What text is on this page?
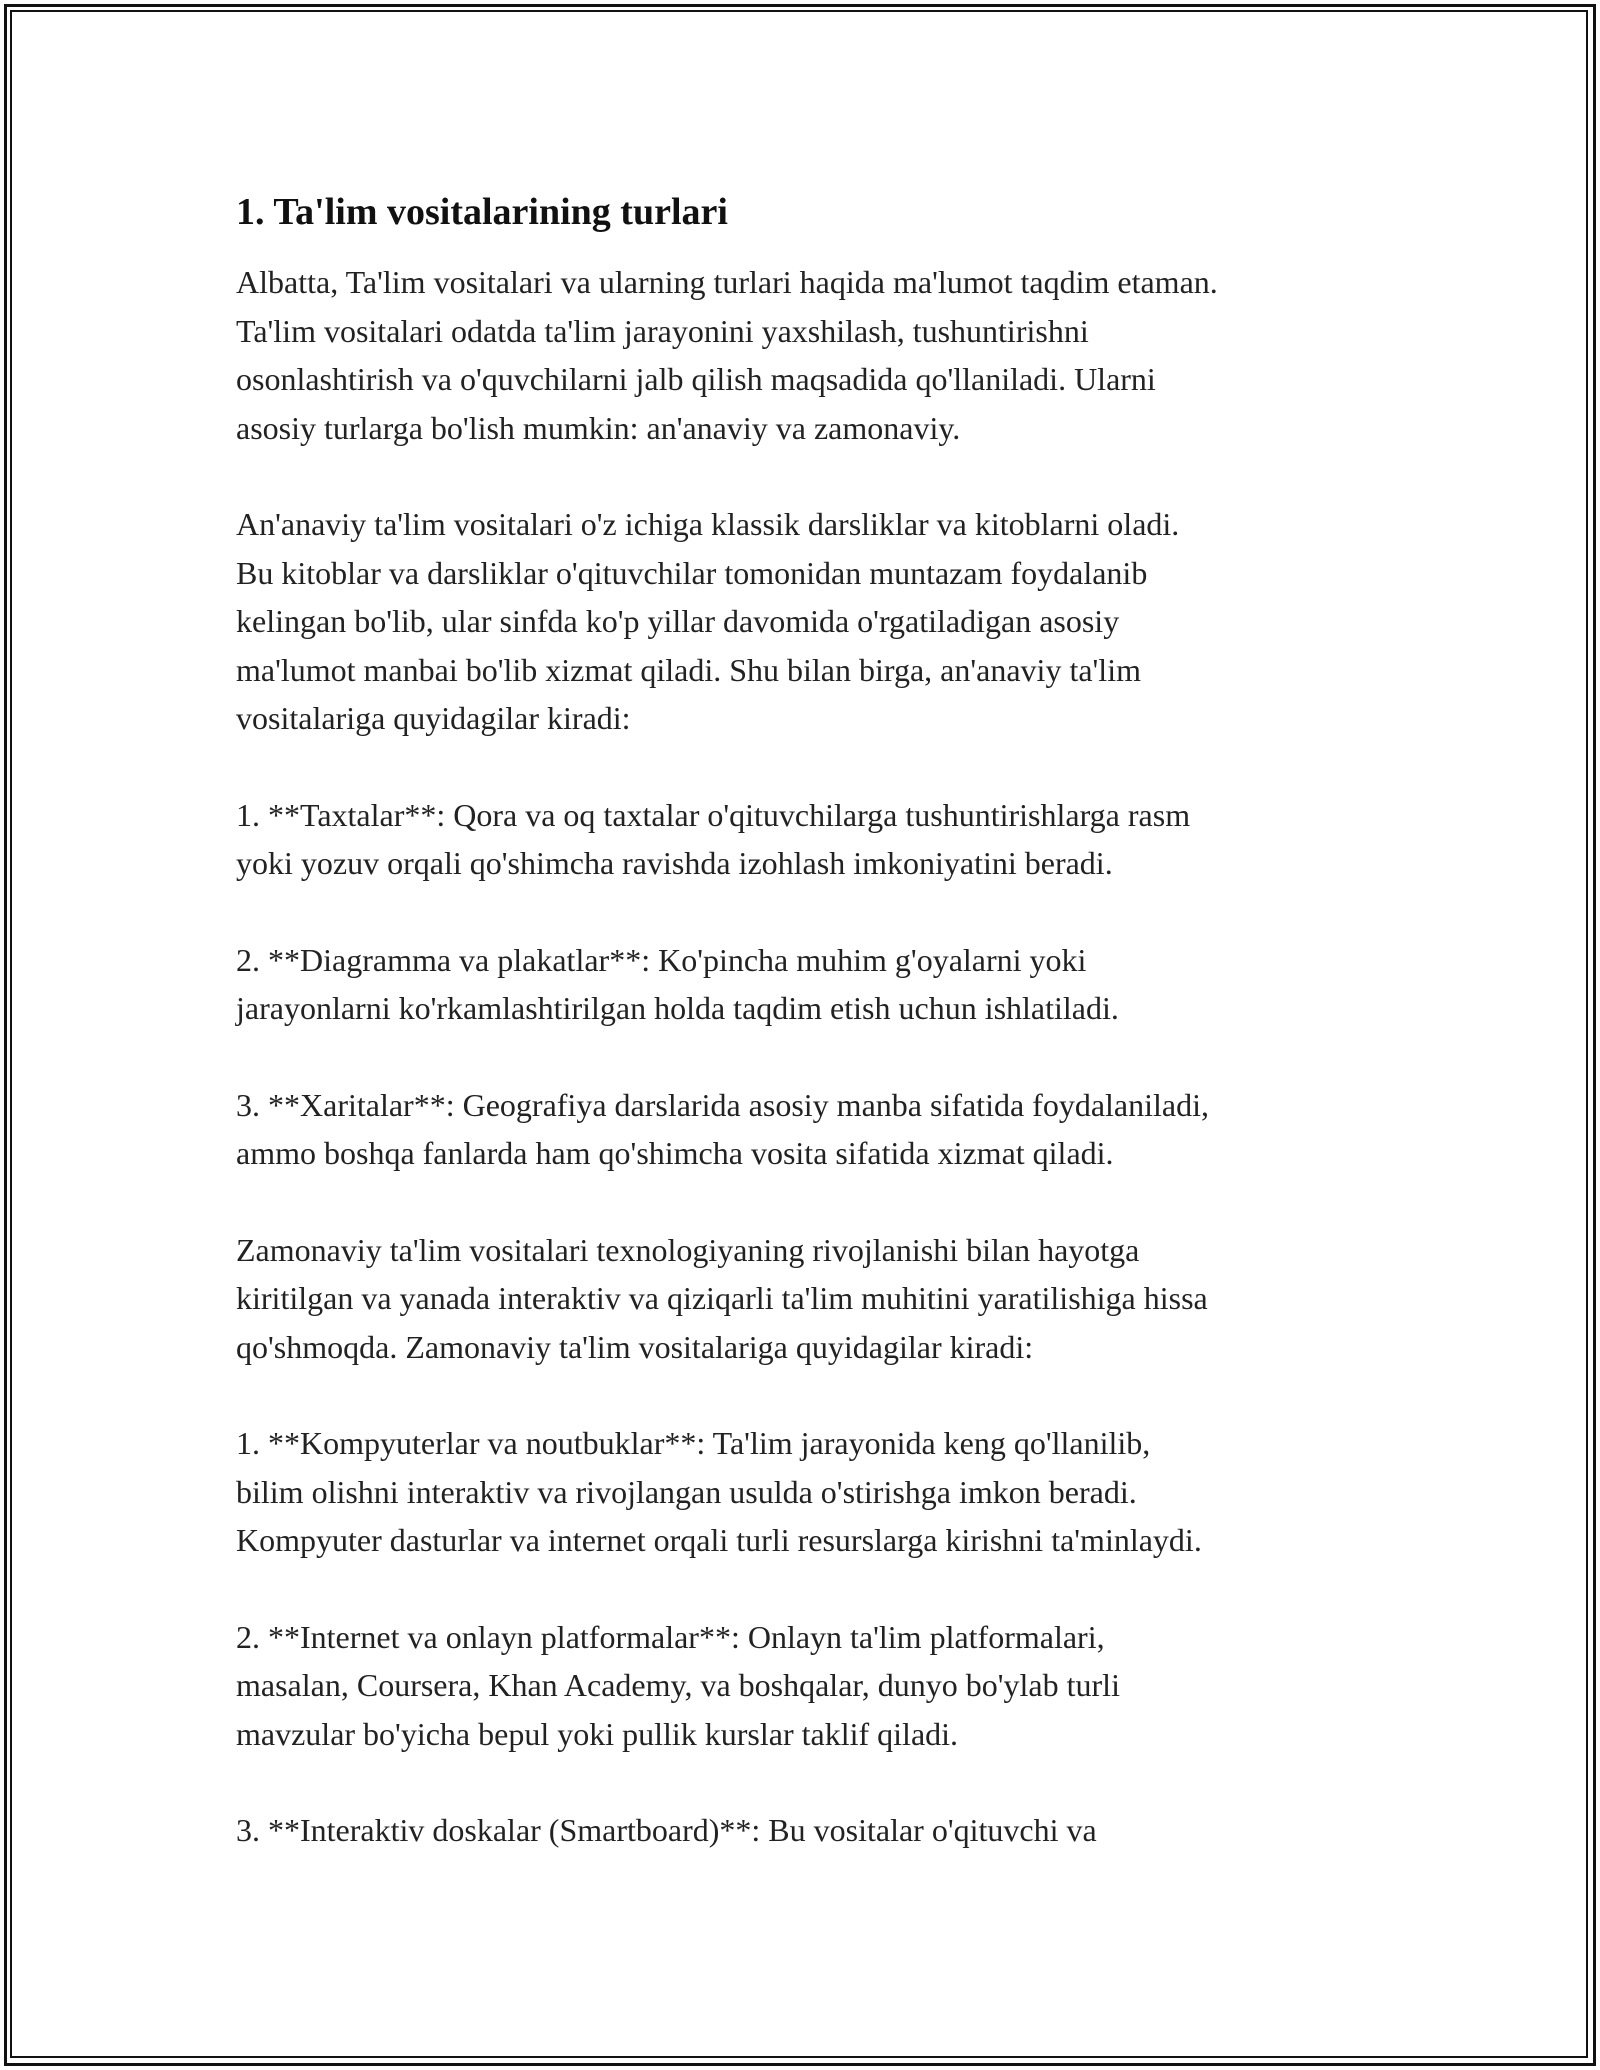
1. Ta'lim vositalarining turlari

Albatta, Ta'lim vositalari va ularning turlari haqida ma'lumot taqdim etaman.
Ta'lim vositalari odatda ta'lim jarayonini yaxshilash, tushuntirishni
osonlashtirish va o'quvchilarni jalb qilish maqsadida qo'llaniladi. Ularni
asosiy turlarga bo'lish mumkin: an'anaviy va zamonaviy.

An'anaviy ta'lim vositalari o'z ichiga klassik darsliklar va kitoblarni oladi.
Bu kitoblar va darsliklar o'qituvchilar tomonidan muntazam foydalanib
kelingan bo'lib, ular sinfda ko'p yillar davomida o'rgatiladigan asosiy
ma'lumot manbai bo'lib xizmat qiladi. Shu bilan birga, an'anaviy ta'lim
vositalariga quyidagilar kiradi:

1. **Taxtalar**: Qora va oq taxtalar o'qituvchilarga tushuntirishlarga rasm
yoki yozuv orqali qo'shimcha ravishda izohlash imkoniyatini beradi.

2. **Diagramma va plakatlar**: Ko'pincha muhim g'oyalarni yoki
jarayonlarni ko'rkamlashtirilgan holda taqdim etish uchun ishlatiladi.

3. **Xaritalar**: Geografiya darslarida asosiy manba sifatida foydalaniladi,
ammo boshqa fanlarda ham qo'shimcha vosita sifatida xizmat qiladi.

Zamonaviy ta'lim vositalari texnologiyaning rivojlanishi bilan hayotga
kiritilgan va yanada interaktiv va qiziqarli ta'lim muhitini yaratilishiga hissa
qo'shmoqda. Zamonaviy ta'lim vositalariga quyidagilar kiradi:

1. **Kompyuterlar va noutbuklar**: Ta'lim jarayonida keng qo'llanilib,
bilim olishni interaktiv va rivojlangan usulda o'stirishga imkon beradi.
Kompyuter dasturlar va internet orqali turli resurslarga kirishni ta'minlaydi.

2. **Internet va onlayn platformalar**: Onlayn ta'lim platformalari,
masalan, Coursera, Khan Academy, va boshqalar, dunyo bo'ylab turli
mavzular bo'yicha bepul yoki pullik kurslar taklif qiladi.

3. **Interaktiv doskalar (Smartboard)**: Bu vositalar o'qituvchi va
